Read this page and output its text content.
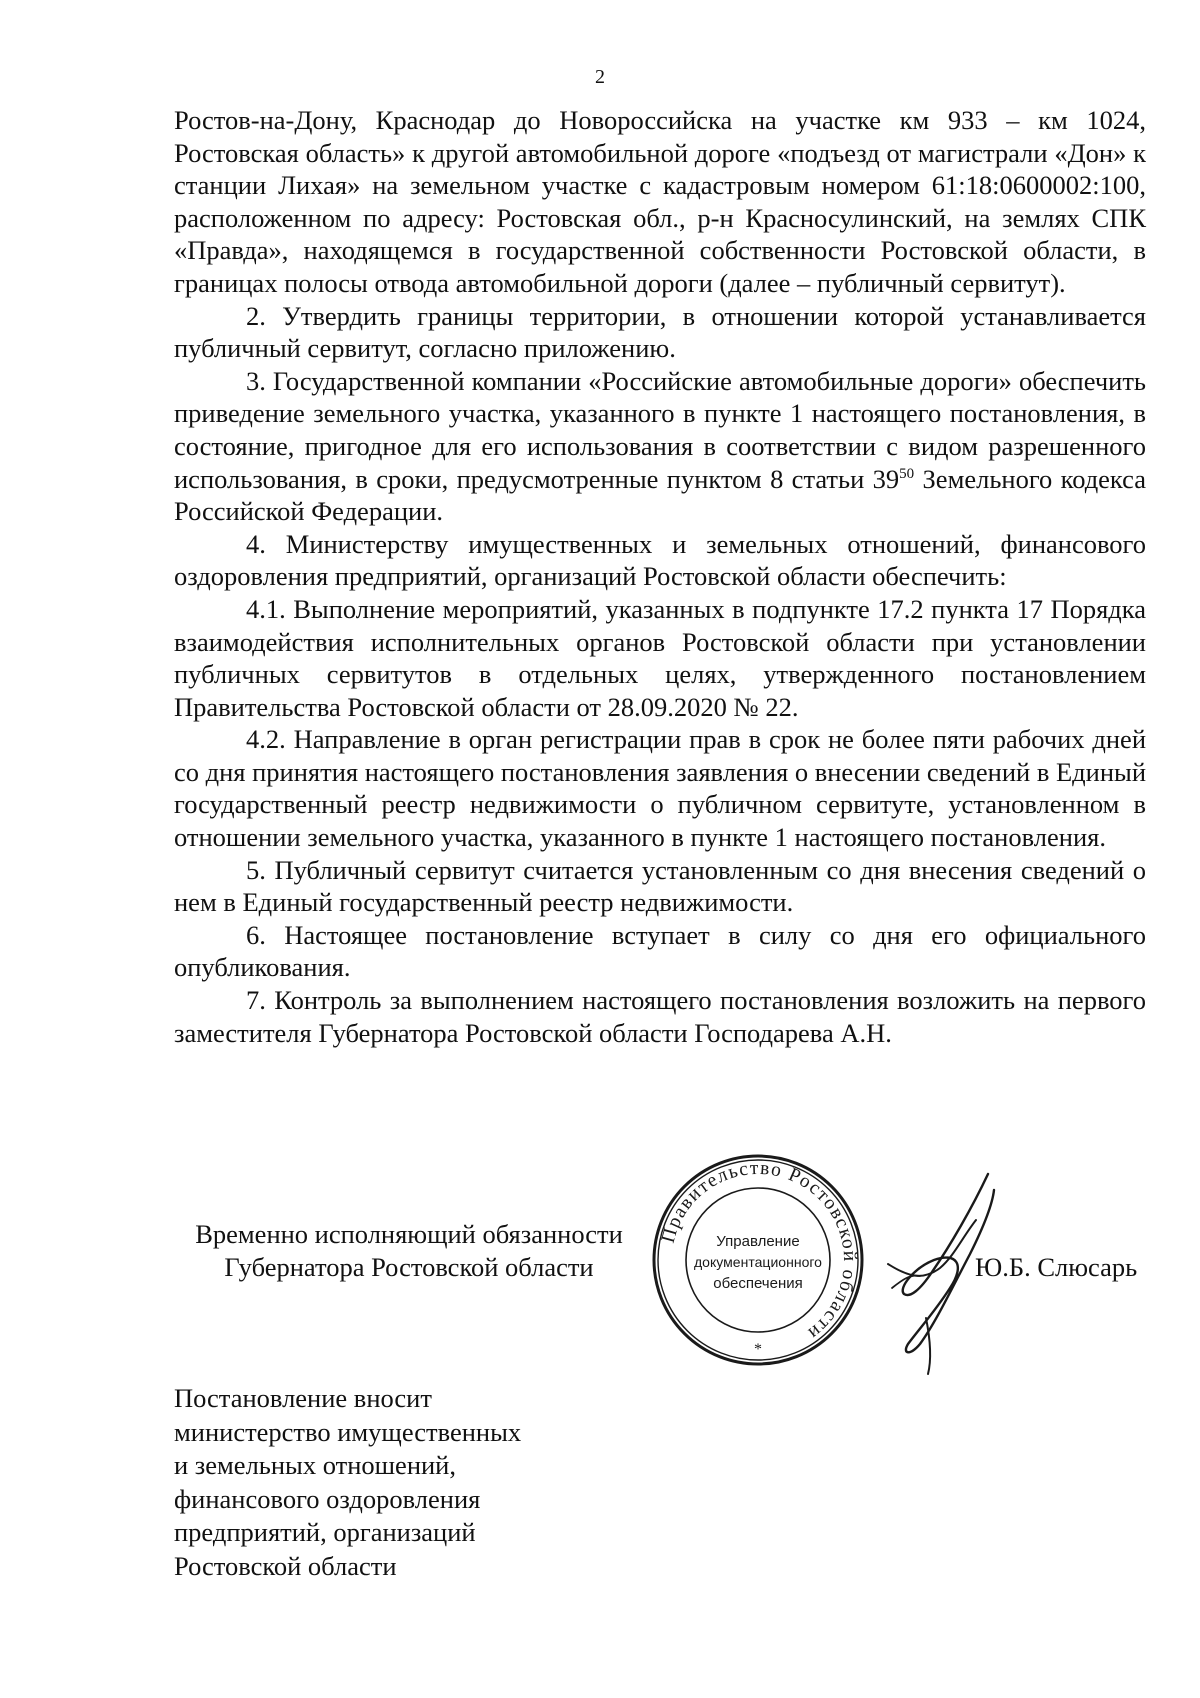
2

Ростов-на-Дону, Краснодар до Новороссийска на участке км 933 – км 1024, Ростовская область» к другой автомобильной дороге «подъезд от магистрали «Дон» к станции Лихая» на земельном участке с кадастровым номером 61:18:0600002:100, расположенном по адресу: Ростовская обл., р-н Красносулинский, на землях СПК «Правда», находящемся в государственной собственности Ростовской области, в границах полосы отвода автомобильной дороги (далее – публичный сервитут).

2. Утвердить границы территории, в отношении которой устанавливается публичный сервитут, согласно приложению.

3. Государственной компании «Российские автомобильные дороги» обеспечить приведение земельного участка, указанного в пункте 1 настоящего постановления, в состояние, пригодное для его использования в соответствии с видом разрешенного использования, в сроки, предусмотренные пунктом 8 статьи $39^{50}$ Земельного кодекса Российской Федерации.

4. Министерству имущественных и земельных отношений, финансового оздоровления предприятий, организаций Ростовской области обеспечить:

4.1. Выполнение мероприятий, указанных в подпункте 17.2 пункта 17 Порядка взаимодействия исполнительных органов Ростовской области при установлении публичных сервитутов в отдельных целях, утвержденного постановлением Правительства Ростовской области от 28.09.2020 № 22.

4.2. Направление в орган регистрации прав в срок не более пяти рабочих дней со дня принятия настоящего постановления заявления о внесении сведений в Единый государственный реестр недвижимости о публичном сервитуте, установленном в отношении земельного участка, указанного в пункте 1 настоящего постановления.

5. Публичный сервитут считается установленным со дня внесения сведений о нем в Единый государственный реестр недвижимости.

6. Настоящее постановление вступает в силу со дня его официального опубликования.

7. Контроль за выполнением настоящего постановления возложить на первого заместителя Губернатора Ростовской области Господарева А.Н.

Временно исполняющий обязанности
Губернатора Ростовской области
Правительство Ростовской области
Управление
документационного
обеспечения
*
Ю.Б. Слюсарь
Постановление вносит
министерство имущественных
и земельных отношений,
финансового оздоровления
предприятий, организаций
Ростовской области
